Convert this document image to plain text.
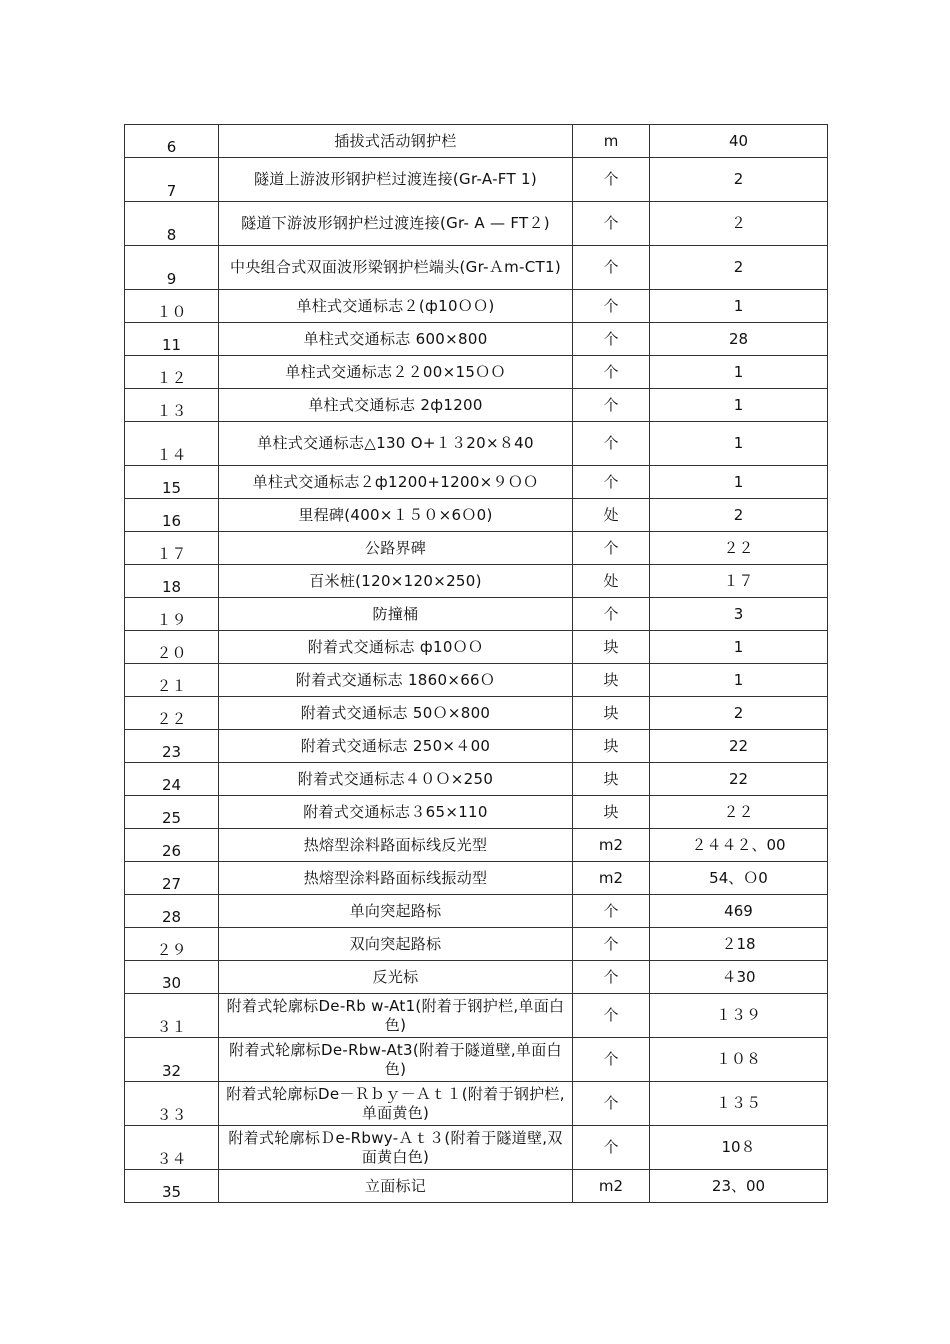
6	插拔式活动钢护栏	m	40
7	隧道上游波形钢护栏过渡连接(Gr-A-FT 1)	个	2
8	隧道下游波形钢护栏过渡连接(Gr- A — FT２)	个	２
9	中央组合式双面波形梁钢护栏端头(Gr-Ａm-CT1)	个	2
１０	单柱式交通标志２(ф10ＯＯ)	个	1
11	单柱式交通标志 600×800	个	28
１２	单柱式交通标志２２00×15ＯＯ	个	1
１３	单柱式交通标志 2ф1200	个	1
１４	单柱式交通标志△130 O+１３20×８40	个	1
15	单柱式交通标志２ф1200+1200×９ＯＯ	个	1
16	里程碑(400×１５０×6Ｏ0)	处	2
１７	公路界碑	个	２２
18	百米桩(120×120×250)	处	１７
１９	防撞桶	个	3
２０	附着式交通标志 ф10ＯＯ	块	1
２１	附着式交通标志 1860×66Ｏ	块	1
２２	附着式交通标志 50Ｏ×800	块	2
23	附着式交通标志 250×４00	块	22
24	附着式交通标志４０Ｏ×250	块	22
25	附着式交通标志３65×110	块	２２
26	热熔型涂料路面标线反光型	m2	２４４２、00
27	热熔型涂料路面标线振动型	m2	54、Ｏ0
28	单向突起路标	个	469
２９	双向突起路标	个	２18
30	反光标	个	４30
３１	附着式轮廓标De-Rb w-At1(附着于钢护栏,单面白色)	个	１３９
32	附着式轮廓标De-Rbw-At3(附着于隧道壁,单面白色)	个	１０８
３３	附着式轮廓标De－Ｒｂｙ－Ａｔ１(附着于钢护栏,单面黄色)	个	１３５
３４	附着式轮廓标Ｄe-Rbwy-Ａｔ３(附着于隧道壁,双面黄白色)	个	10８
35	立面标记	m2	23、00
